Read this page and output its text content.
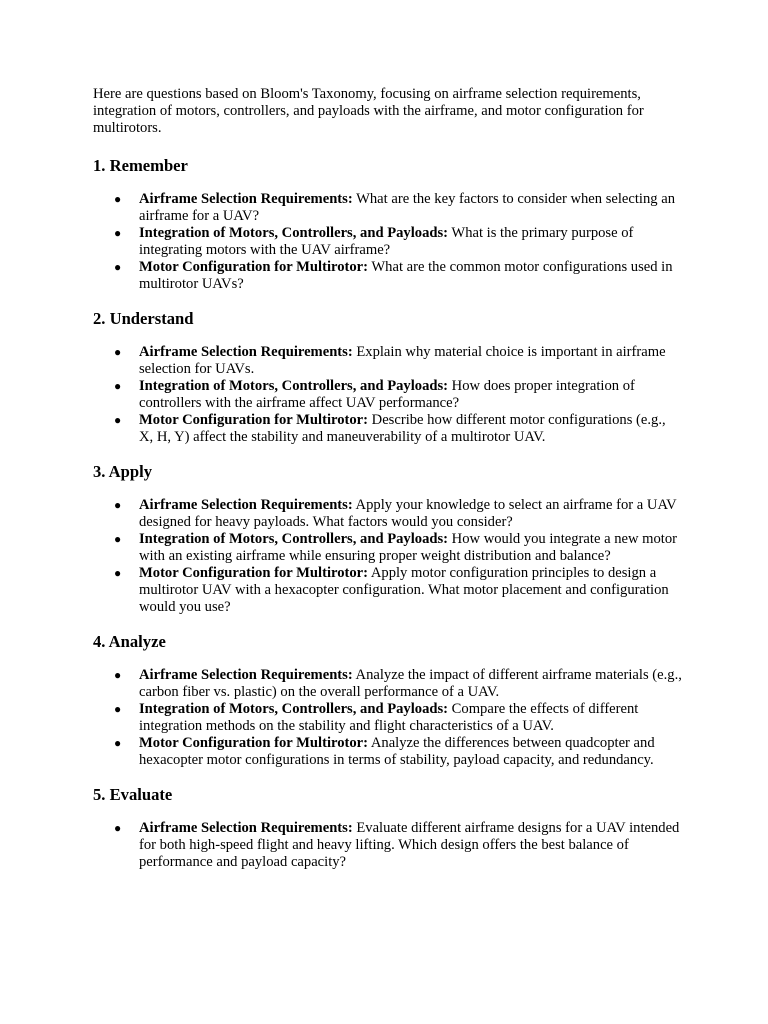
Here are questions based on Bloom's Taxonomy, focusing on airframe selection requirements, integration of motors, controllers, and payloads with the airframe, and motor configuration for multirotors.

1. Remember
● Airframe Selection Requirements: What are the key factors to consider when selecting an airframe for a UAV?
● Integration of Motors, Controllers, and Payloads: What is the primary purpose of integrating motors with the UAV airframe?
● Motor Configuration for Multirotor: What are the common motor configurations used in multirotor UAVs?
2. Understand
● Airframe Selection Requirements: Explain why material choice is important in airframe selection for UAVs.
● Integration of Motors, Controllers, and Payloads: How does proper integration of controllers with the airframe affect UAV performance?
● Motor Configuration for Multirotor: Describe how different motor configurations (e.g., X, H, Y) affect the stability and maneuverability of a multirotor UAV.
3. Apply
● Airframe Selection Requirements: Apply your knowledge to select an airframe for a UAV designed for heavy payloads. What factors would you consider?
● Integration of Motors, Controllers, and Payloads: How would you integrate a new motor with an existing airframe while ensuring proper weight distribution and balance?
● Motor Configuration for Multirotor: Apply motor configuration principles to design a multirotor UAV with a hexacopter configuration. What motor placement and configuration would you use?
4. Analyze
● Airframe Selection Requirements: Analyze the impact of different airframe materials (e.g., carbon fiber vs. plastic) on the overall performance of a UAV.
● Integration of Motors, Controllers, and Payloads: Compare the effects of different integration methods on the stability and flight characteristics of a UAV.
● Motor Configuration for Multirotor: Analyze the differences between quadcopter and hexacopter motor configurations in terms of stability, payload capacity, and redundancy.
5. Evaluate
● Airframe Selection Requirements: Evaluate different airframe designs for a UAV intended for both high-speed flight and heavy lifting. Which design offers the best balance of performance and payload capacity?
